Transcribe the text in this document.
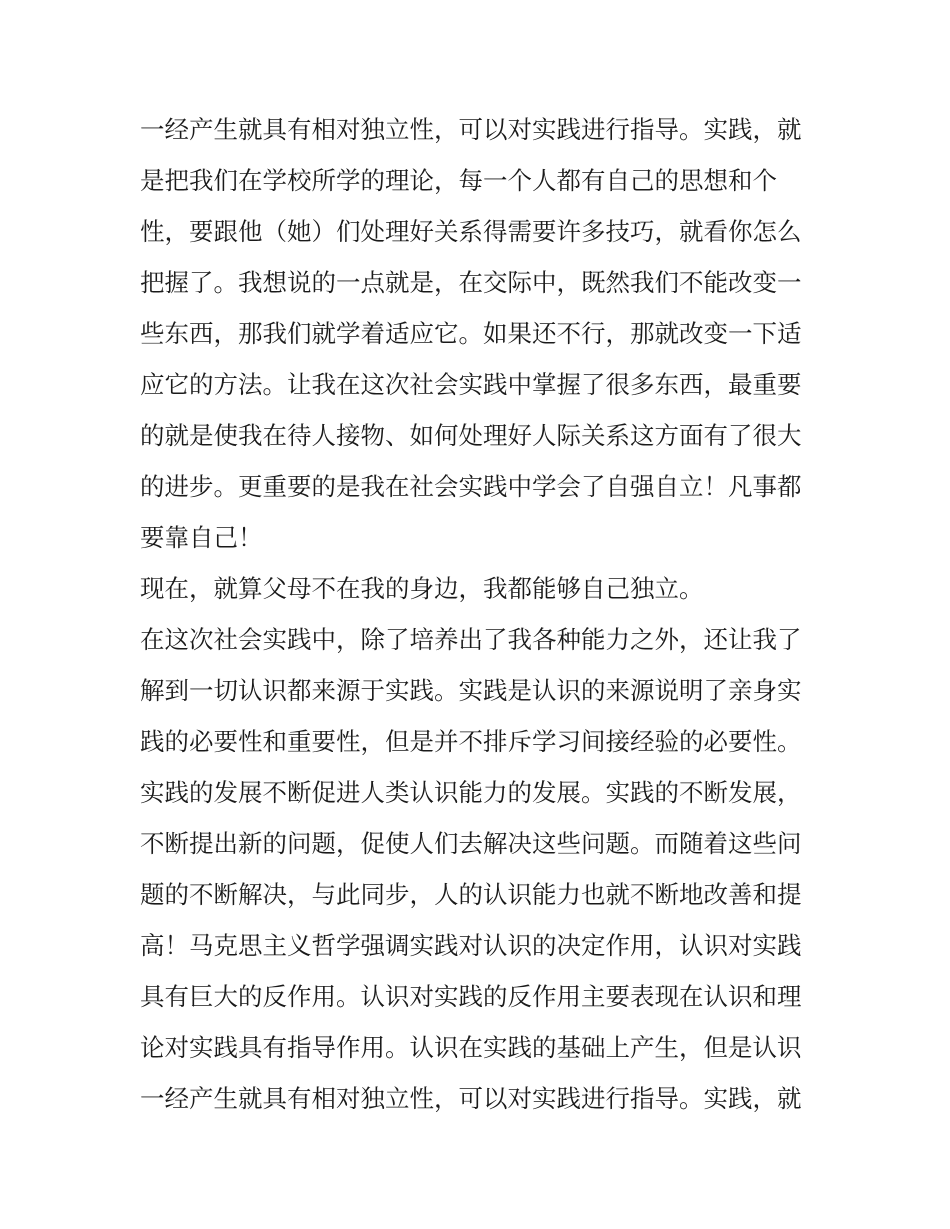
一经产生就具有相对独立性，可以对实践进行指导。实践，就
是把我们在学校所学的理论，每一个人都有自己的思想和个
性，要跟他（她）们处理好关系得需要许多技巧，就看你怎么
把握了。我想说的一点就是，在交际中，既然我们不能改变一
些东西，那我们就学着适应它。如果还不行，那就改变一下适
应它的方法。让我在这次社会实践中掌握了很多东西，最重要
的就是使我在待人接物、如何处理好人际关系这方面有了很大
的进步。更重要的是我在社会实践中学会了自强自立！凡事都
要靠自己！
现在，就算父母不在我的身边，我都能够自己独立。
在这次社会实践中，除了培养出了我各种能力之外，还让我了
解到一切认识都来源于实践。实践是认识的来源说明了亲身实
践的必要性和重要性，但是并不排斥学习间接经验的必要性。
实践的发展不断促进人类认识能力的发展。实践的不断发展，
不断提出新的问题，促使人们去解决这些问题。而随着这些问
题的不断解决，与此同步，人的认识能力也就不断地改善和提
高！马克思主义哲学强调实践对认识的决定作用，认识对实践
具有巨大的反作用。认识对实践的反作用主要表现在认识和理
论对实践具有指导作用。认识在实践的基础上产生，但是认识
一经产生就具有相对独立性，可以对实践进行指导。实践，就
